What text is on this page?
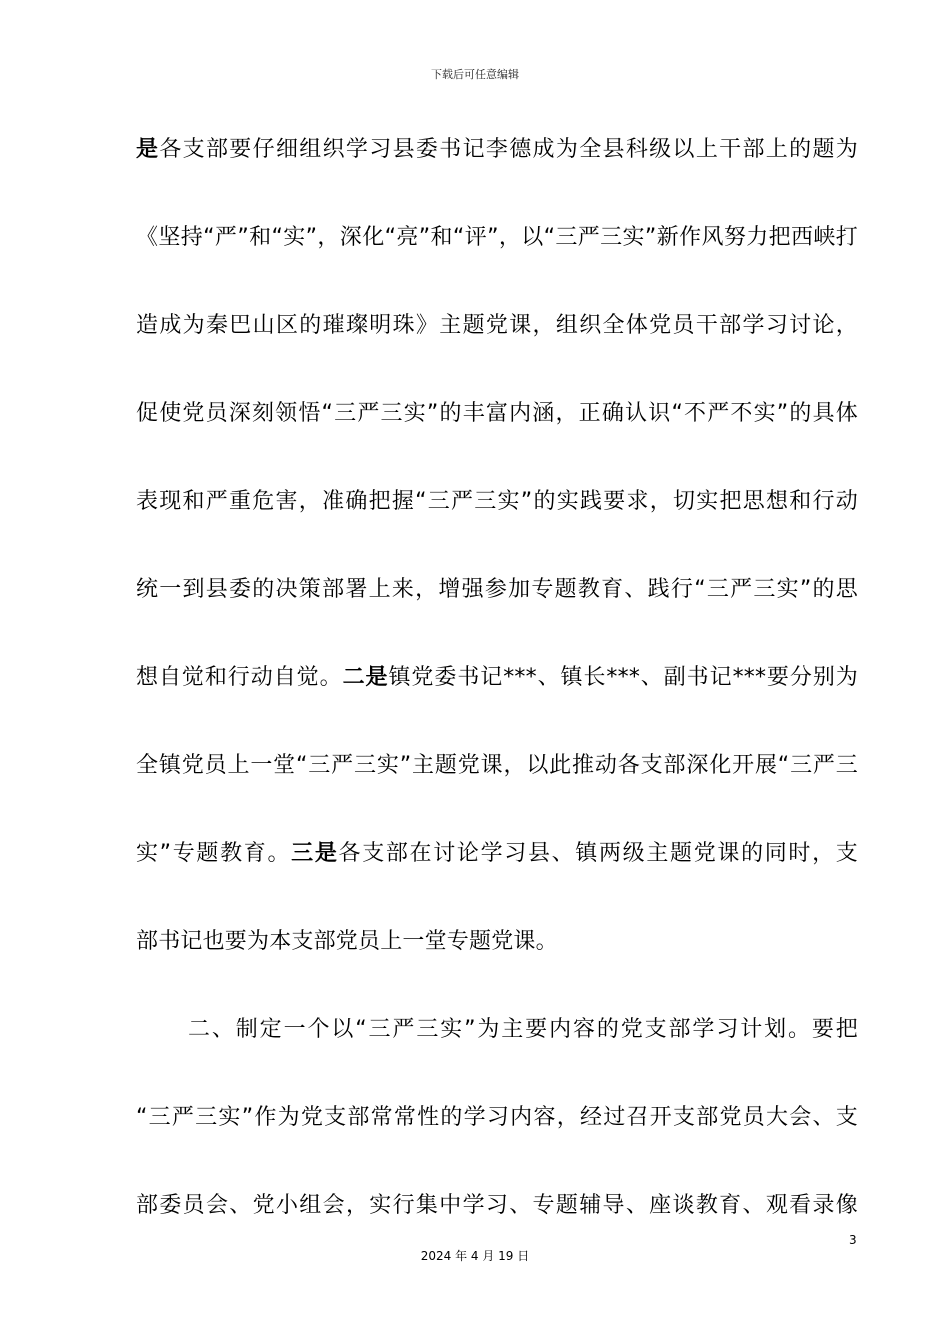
下载后可任意编辑
是各支部要仔细组织学习县委书记李德成为全县科级以上干部上的题为
《坚持“严”和“实”，深化“亮”和“评”，以“三严三实”新作风努力把西峡打
造成为秦巴山区的璀璨明珠》主题党课，组织全体党员干部学习讨论，
促使党员深刻领悟“三严三实”的丰富内涵，正确认识“不严不实”的具体
表现和严重危害，准确把握“三严三实”的实践要求，切实把思想和行动
统一到县委的决策部署上来，增强参加专题教育、践行“三严三实”的思
想自觉和行动自觉。二是镇党委书记***、镇长***、副书记***要分别为
全镇党员上一堂“三严三实”主题党课，以此推动各支部深化开展“三严三
实”专题教育。三是各支部在讨论学习县、镇两级主题党课的同时，支
部书记也要为本支部党员上一堂专题党课。
二、制定一个以“三严三实”为主要内容的党支部学习计划。要把
“三严三实”作为党支部常常性的学习内容，经过召开支部党员大会、支
部委员会、党小组会，实行集中学习、专题辅导、座谈教育、观看录像
3
2024 年 4 月 19 日
